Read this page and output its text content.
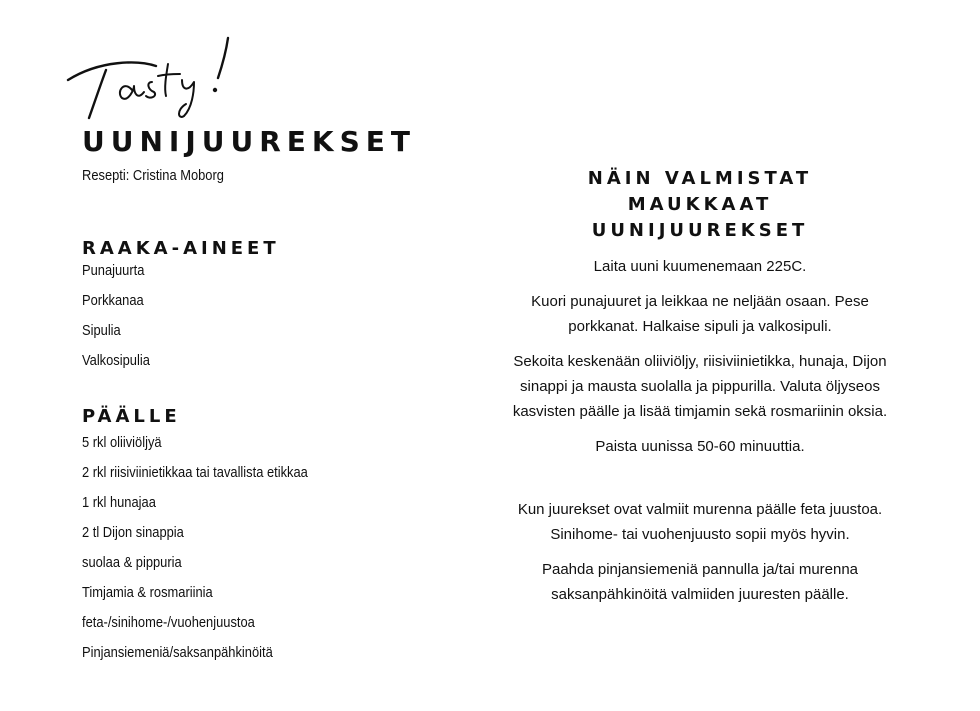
UUNIJUUREKSET
Resepti: Cristina Moborg
RAAKA-AINEET
Punajuurta
Porkkanaa
Sipulia
Valkosipulia
PÄÄLLE
5 rkl oliiviöljyä
2 rkl riisiviinietikkaa tai tavallista etikkaa
1 rkl hunajaa
2 tl Dijon sinappia
suolaa & pippuria
Timjamia & rosmariinia
feta-/sinihome-/vuohenjuustoa
Pinjansiemeniä/saksanpähkinöitä
NÄIN VALMISTAT
MAUKKAAT
UUNIJUUREKSET

Laita uuni kuumenemaan 225C.

Kuori punajuuret ja leikkaa ne neljään osaan. Pese
porkkanat. Halkaise sipuli ja valkosipuli.

Sekoita keskenään oliiviöljy, riisiviinietikka, hunaja, Dijon
sinappi ja mausta suolalla ja pippurilla. Valuta öljyseos
kasvisten päälle ja lisää timjamin sekä rosmariinin oksia.

Paista uunissa 50-60 minuuttia.

Kun juurekset ovat valmiit murenna päälle feta juustoa.
Sinihome- tai vuohenjuusto sopii myös hyvin.

Paahda pinjansiemeniä pannulla ja/tai murenna
saksanpähkinöitä valmiiden juuresten päälle.
